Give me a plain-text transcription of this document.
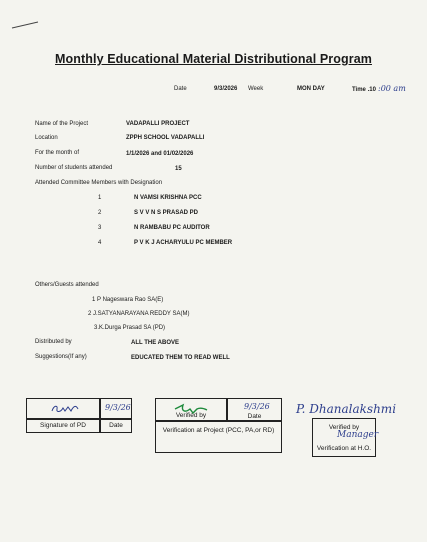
Monthly Educational Material Distributional Program
Date	9/3/2026 Week	MON DAY	Time .10 :00 am
Name of the Project	VADAPALLI PROJECT
Location	ZPPH SCHOOL VADAPALLI
For the month of	1/1/2026 and 01/02/2026
Number of students attended	15
Attended Committee Members with Designation
1	N VAMSI KRISHNA PCC
2	S V V N S PRASAD PD
3	N RAMBABU PC AUDITOR
4	P V K J ACHARYULU PC MEMBER
Others/Guests attended
1 P Nageswara Rao SA(E)
2 J.SATYANARAYANA REDDY SA(M)
3.K.Durga Prasad SA (PD)
Distributed by	ALL THE ABOVE
Suggestions(If any)	EDUCATED THEM TO READ WELL
9/3/26
Signature of PD	Date
Verified by
9/3/26
Date
Verification at Project (PCC, PA,or RD)
P. Dhanalakshmi
Verified by
Manager
Verification at H.O.
